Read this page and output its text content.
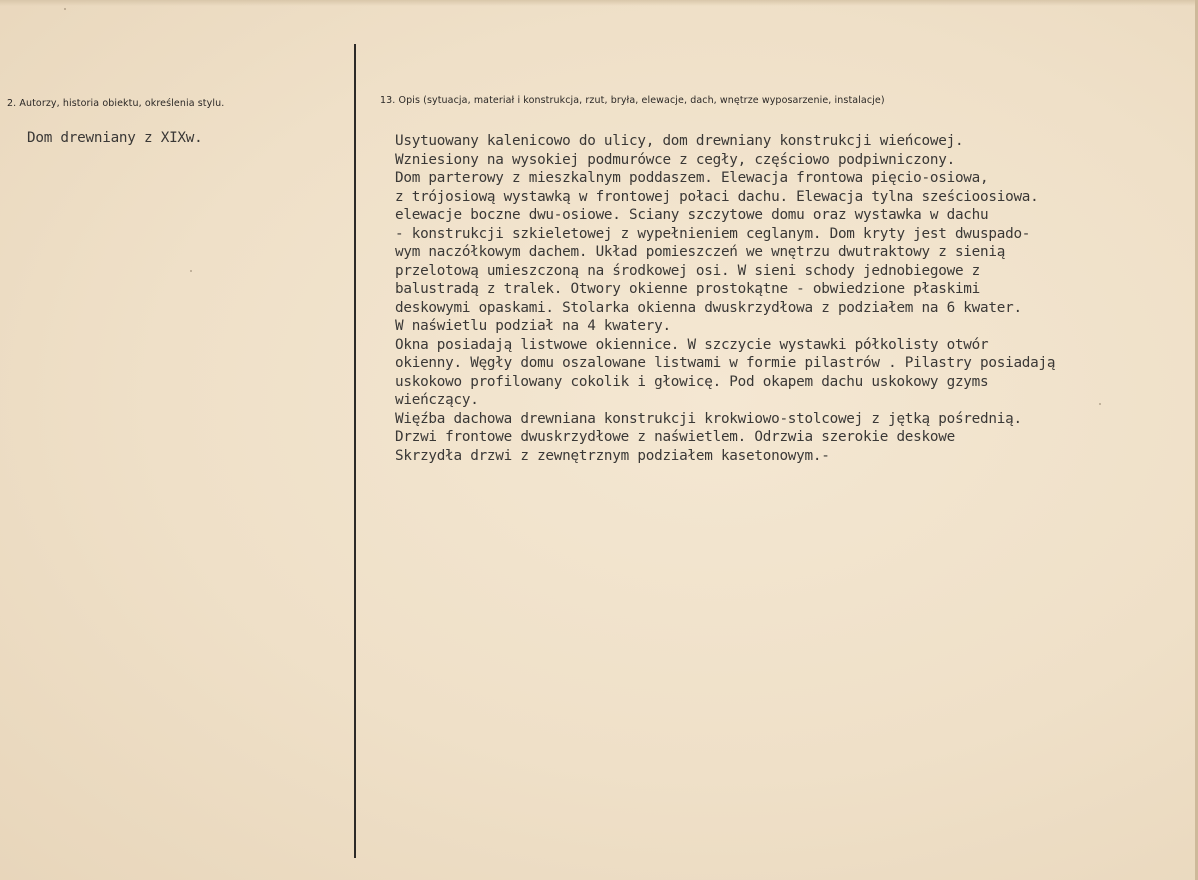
2. Autorzy, historia obiektu, określenia stylu.
Dom drewniany z XIXw.
13. Opis (sytuacja, materiał i konstrukcja, rzut, bryła, elewacje, dach, wnętrze wyposarzenie, instalacje)
Usytuowany kalenicowo do ulicy, dom drewniany konstrukcji wieńcowej.
Wzniesiony na wysokiej podmurówce z cegły, częściowo podpiwniczony.
Dom parterowy z mieszkalnym poddaszem. Elewacja frontowa pięcio-osiowa,
z trójosiową wystawką w frontowej połaci dachu. Elewacja tylna sześcioosiowa.
elewacje boczne dwu-osiowe. Sciany szczytowe domu oraz wystawka w dachu
- konstrukcji szkieletowej z wypełnieniem ceglanym. Dom kryty jest dwuspado-
wym naczółkowym dachem. Układ pomieszczeń we wnętrzu dwutraktowy z sienią
przelotową umieszczoną na środkowej osi. W sieni schody jednobiegowe z
balustradą z tralek. Otwory okienne prostokątne - obwiedzione płaskimi
deskowymi opaskami. Stolarka okienna dwuskrzydłowa z podziałem na 6 kwater.
W naświetlu podział na 4 kwatery.
Okna posiadają listwowe okiennice. W szczycie wystawki półkolisty otwór
okienny. Węgły domu oszalowane listwami w formie pilastrów . Pilastry posiadają
uskokowo profilowany cokolik i głowicę. Pod okapem dachu uskokowy gzyms
wieńczący.
Więźba dachowa drewniana konstrukcji krokwiowo-stolcowej z jętką pośrednią.
Drzwi frontowe dwuskrzydłowe z naświetlem. Odrzwia szerokie deskowe
Skrzydła drzwi z zewnętrznym podziałem kasetonowym.-
